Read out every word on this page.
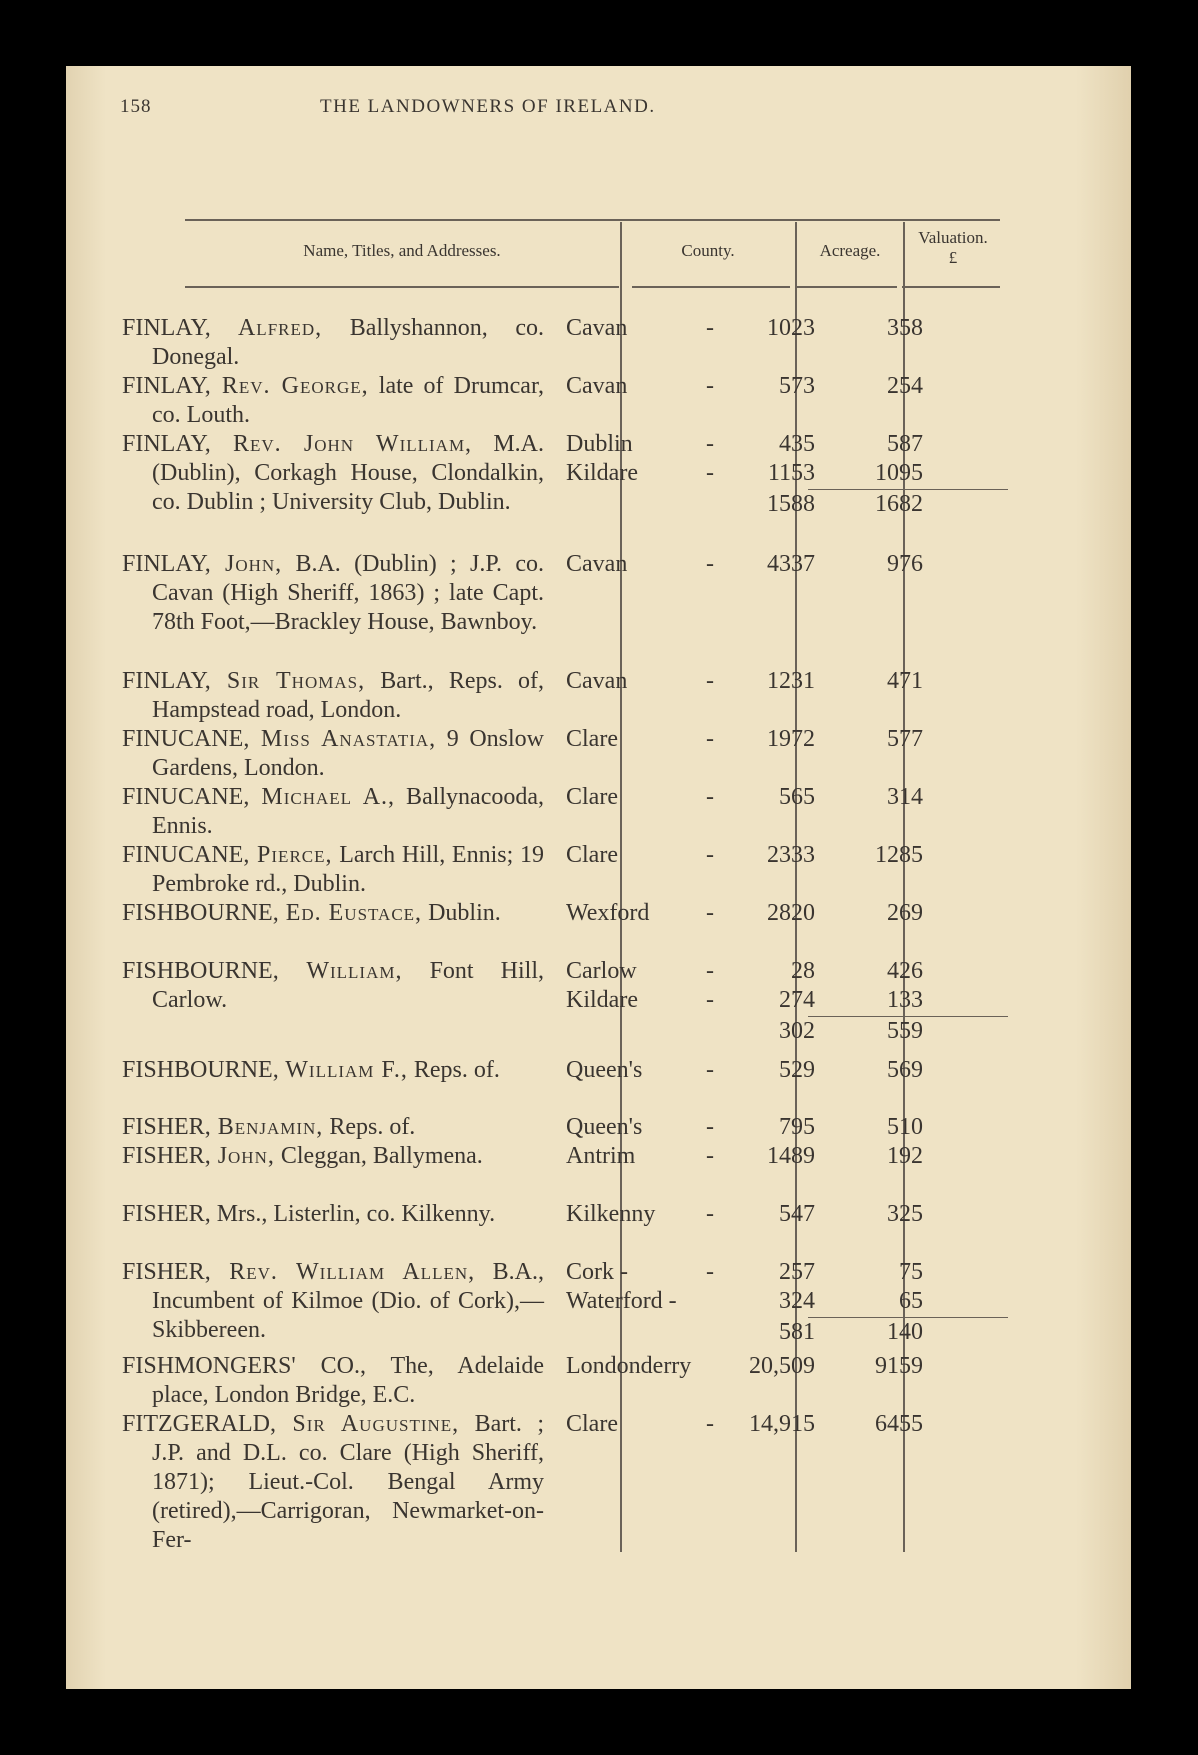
158	THE LANDOWNERS OF IRELAND.
Name, Titles, and Addresses.	County.	Acreage.
Valuation.
£
FINLAY, Alfred, Ballyshannon, co. Donegal.
Cavan	-	1023	358
FINLAY, Rev. George, late of Drumcar, co. Louth.
Cavan	-	573	254
FINLAY, Rev. John William, M.A. (Dublin), Corkagh House, Clondalkin, co. Dublin ; University Club, Dublin.
Dublin	-	435	587
Kildare	-	1153	1095
1588	1682
FINLAY, John, B.A. (Dublin) ; J.P. co. Cavan (High Sheriff, 1863) ; late Capt. 78th Foot,—Brackley House, Bawnboy.
Cavan	-	4337	976
FINLAY, Sir Thomas, Bart., Reps. of, Hampstead road, London.
Cavan	-	1231	471
FINUCANE, Miss Anastatia, 9 Onslow Gardens, London.
Clare	-	1972	577
FINUCANE, Michael A., Ballynacooda, Ennis.
Clare	-	565	314
FINUCANE, Pierce, Larch Hill, Ennis; 19 Pembroke rd., Dublin.
Clare	-	2333	1285
FISHBOURNE, Ed. Eustace, Dublin.	Wexford -	2820	269
FISHBOURNE, William, Font Hill, Carlow.
Carlow	-	28	426
Kildare	-	274	133
302	559
FISHBOURNE, William F., Reps. of.	Queen's	-	529	569
FISHER, Benjamin, Reps. of.	Queen's	-	795	510
FISHER, John, Cleggan, Ballymena.	Antrim	-	1489	192
FISHER, Mrs., Listerlin, co. Kilkenny.	Kilkenny -	547	325
FISHER, Rev. William Allen, B.A., Incumbent of Kilmoe (Dio. of Cork),—Skibbereen.
Cork -	-	257	75
Waterford -	324	65
581	140
FISHMONGERS' CO., The, Adelaide place, London Bridge, E.C.
Londonderry	20,509	9159
FITZGERALD, Sir Augustine, Bart. ; J.P. and D.L. co. Clare (High Sheriff, 1871); Lieut.-Col. Bengal Army (retired),—Carrigoran, Newmarket-on-Fer-
Clare	-	14,915	6455
